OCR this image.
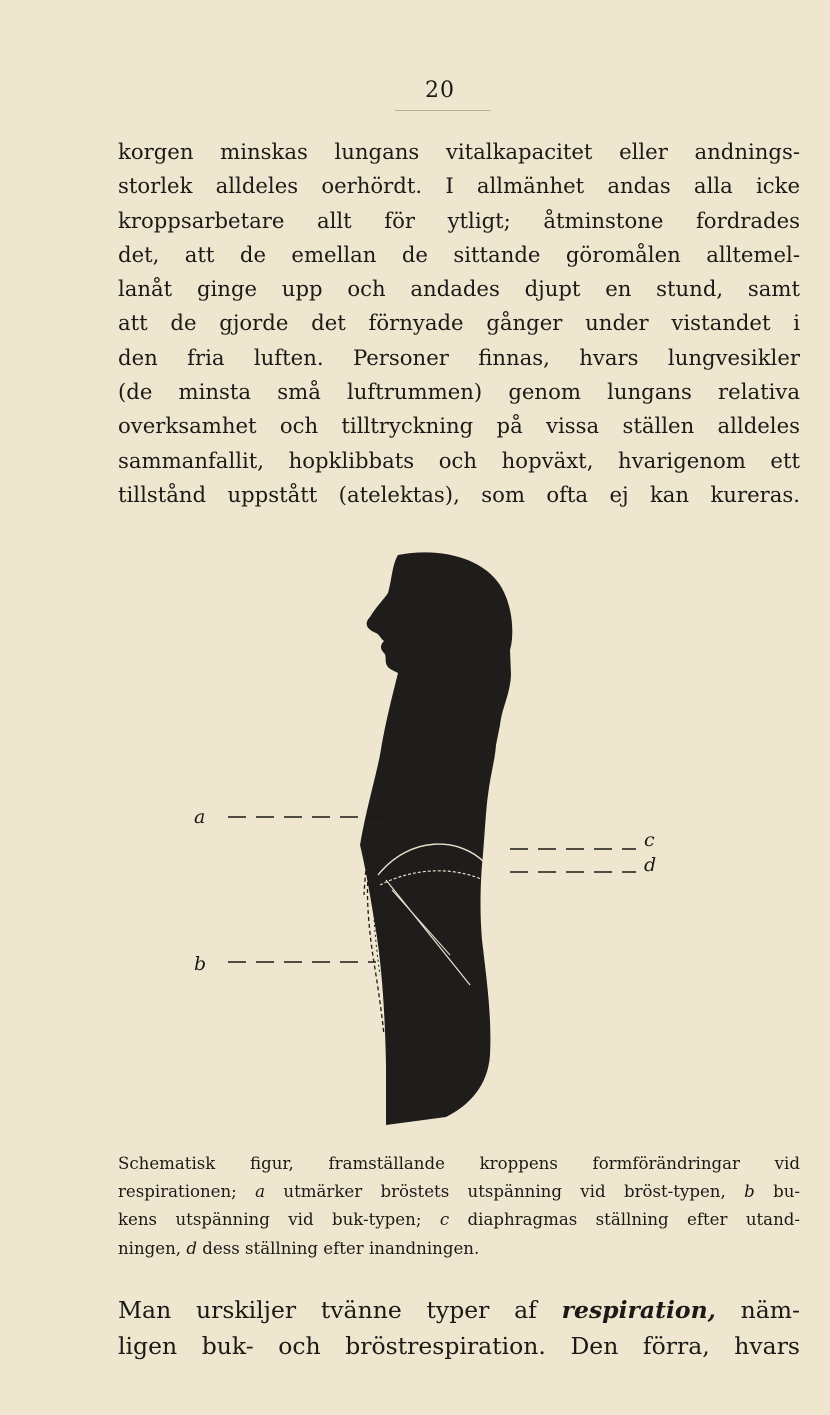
20
korgen minskas lungans vitalkapacitet eller andnings-
storlek alldeles oerhördt. I allmänhet andas alla icke
kroppsarbetare allt för ytligt; åtminstone fordrades
det, att de emellan de sittande göromålen alltemel-
lanåt ginge upp och andades djupt en stund, samt
att de gjorde det förnyade gånger under vistandet i
den fria luften. Personer finnas, hvars lungvesikler
(de minsta små luftrummen) genom lungans relativa
overksamhet och tilltryckning på vissa ställen alldeles
sammanfallit, hopklibbats och hopväxt, hvarigenom ett
tillstånd uppstått (atelektas), som ofta ej kan kureras.
a
b
c
d
Schematisk figur, framställande kroppens formförändringar vid
respirationen; a utmärker bröstets utspänning vid bröst-typen, b bu-
kens utspänning vid buk-typen; c diaphragmas ställning efter utand-
ningen, d dess ställning efter inandningen.
Man urskiljer tvänne typer af respiration, näm-
ligen buk- och bröstrespiration. Den förra, hvars
